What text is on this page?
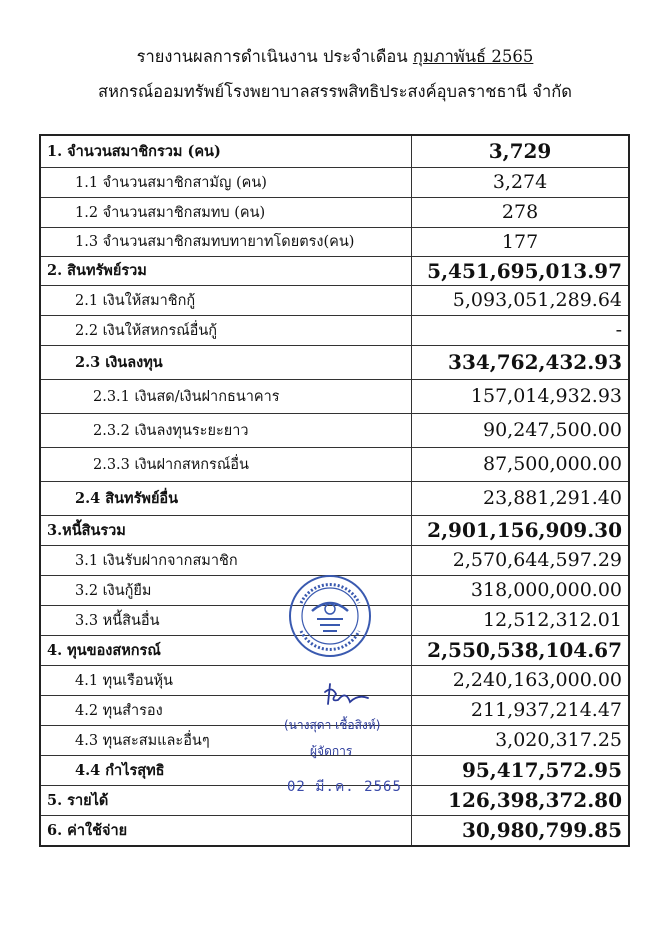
รายงานผลการดำเนินงาน ประจำเดือน กุมภาพันธ์ 2565
สหกรณ์ออมทรัพย์โรงพยาบาลสรรพสิทธิประสงค์อุบลราชธานี จำกัด
1. จำนวนสมาชิกรวม (คน)	3,729
1.1 จำนวนสมาชิกสามัญ (คน)	3,274
1.2 จำนวนสมาชิกสมทบ (คน)	278
1.3 จำนวนสมาชิกสมทบทายาทโดยตรง(คน)	177
2. สินทรัพย์รวม	5,451,695,013.97
2.1 เงินให้สมาชิกกู้	5,093,051,289.64
2.2 เงินให้สหกรณ์อื่นกู้	-
2.3 เงินลงทุน	334,762,432.93
2.3.1 เงินสด/เงินฝากธนาคาร	157,014,932.93
2.3.2 เงินลงทุนระยะยาว	90,247,500.00
2.3.3 เงินฝากสหกรณ์อื่น	87,500,000.00
2.4 สินทรัพย์อื่น	23,881,291.40
3.หนี้สินรวม	2,901,156,909.30
3.1 เงินรับฝากจากสมาชิก	2,570,644,597.29
3.2 เงินกู้ยืม	318,000,000.00
3.3 หนี้สินอื่น	12,512,312.01
4. ทุนของสหกรณ์	2,550,538,104.67
4.1 ทุนเรือนหุ้น	2,240,163,000.00
4.2 ทุนสำรอง	211,937,214.47
4.3 ทุนสะสมและอื่นๆ	3,020,317.25
4.4 กำไรสุทธิ	95,417,572.95
5. รายได้	126,398,372.80
6. ค่าใช้จ่าย	30,980,799.85
(นางสุดา เชื้อสิงห์)
ผู้จัดการ
02 มี.ค. 2565
